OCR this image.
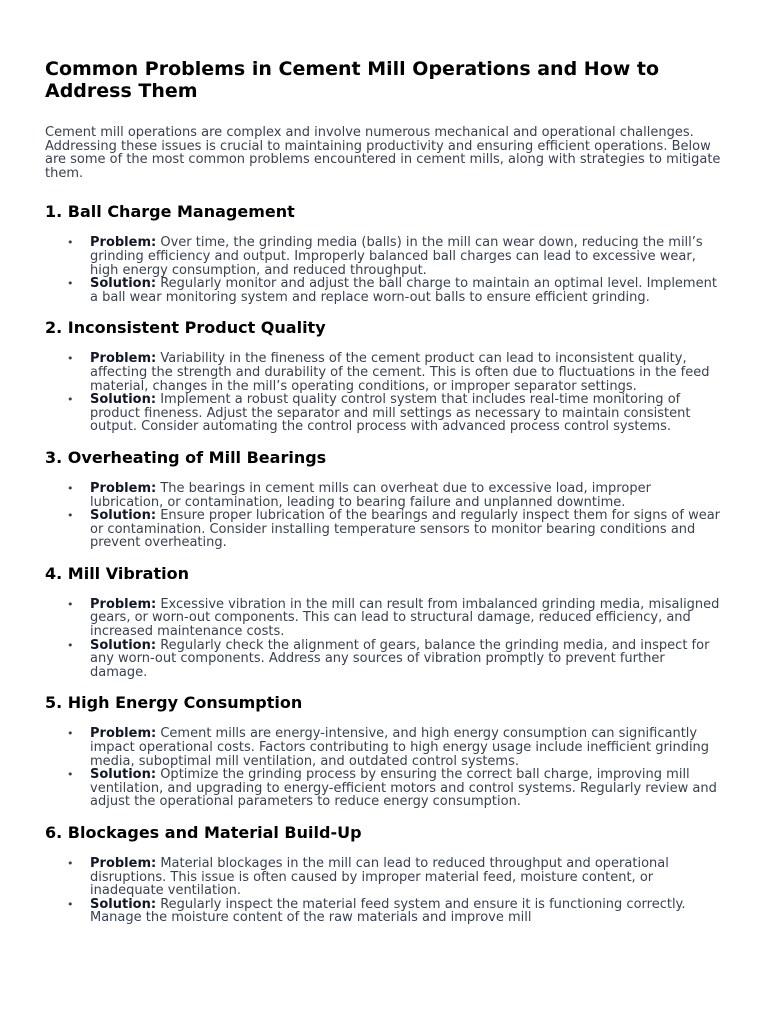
Common Problems in Cement Mill Operations and How to Address Them

Cement mill operations are complex and involve numerous mechanical and operational challenges. Addressing these issues is crucial to maintaining productivity and ensuring efficient operations. Below are some of the most common problems encountered in cement mills, along with strategies to mitigate them.

1. Ball Charge Management
• Problem: Over time, the grinding media (balls) in the mill can wear down, reducing the mill’s grinding efficiency and output. Improperly balanced ball charges can lead to excessive wear, high energy consumption, and reduced throughput.
• Solution: Regularly monitor and adjust the ball charge to maintain an optimal level. Implement a ball wear monitoring system and replace worn-out balls to ensure efficient grinding.
2. Inconsistent Product Quality
• Problem: Variability in the fineness of the cement product can lead to inconsistent quality, affecting the strength and durability of the cement. This is often due to fluctuations in the feed material, changes in the mill’s operating conditions, or improper separator settings.
• Solution: Implement a robust quality control system that includes real-time monitoring of product fineness. Adjust the separator and mill settings as necessary to maintain consistent output. Consider automating the control process with advanced process control systems.
3. Overheating of Mill Bearings
• Problem: The bearings in cement mills can overheat due to excessive load, improper lubrication, or contamination, leading to bearing failure and unplanned downtime.
• Solution: Ensure proper lubrication of the bearings and regularly inspect them for signs of wear or contamination. Consider installing temperature sensors to monitor bearing conditions and prevent overheating.
4. Mill Vibration
• Problem: Excessive vibration in the mill can result from imbalanced grinding media, misaligned gears, or worn-out components. This can lead to structural damage, reduced efficiency, and increased maintenance costs.
• Solution: Regularly check the alignment of gears, balance the grinding media, and inspect for any worn-out components. Address any sources of vibration promptly to prevent further damage.
5. High Energy Consumption
• Problem: Cement mills are energy-intensive, and high energy consumption can significantly impact operational costs. Factors contributing to high energy usage include inefficient grinding media, suboptimal mill ventilation, and outdated control systems.
• Solution: Optimize the grinding process by ensuring the correct ball charge, improving mill ventilation, and upgrading to energy-efficient motors and control systems. Regularly review and adjust the operational parameters to reduce energy consumption.
6. Blockages and Material Build-Up
• Problem: Material blockages in the mill can lead to reduced throughput and operational disruptions. This issue is often caused by improper material feed, moisture content, or inadequate ventilation.
• Solution: Regularly inspect the material feed system and ensure it is functioning correctly. Manage the moisture content of the raw materials and improve mill
